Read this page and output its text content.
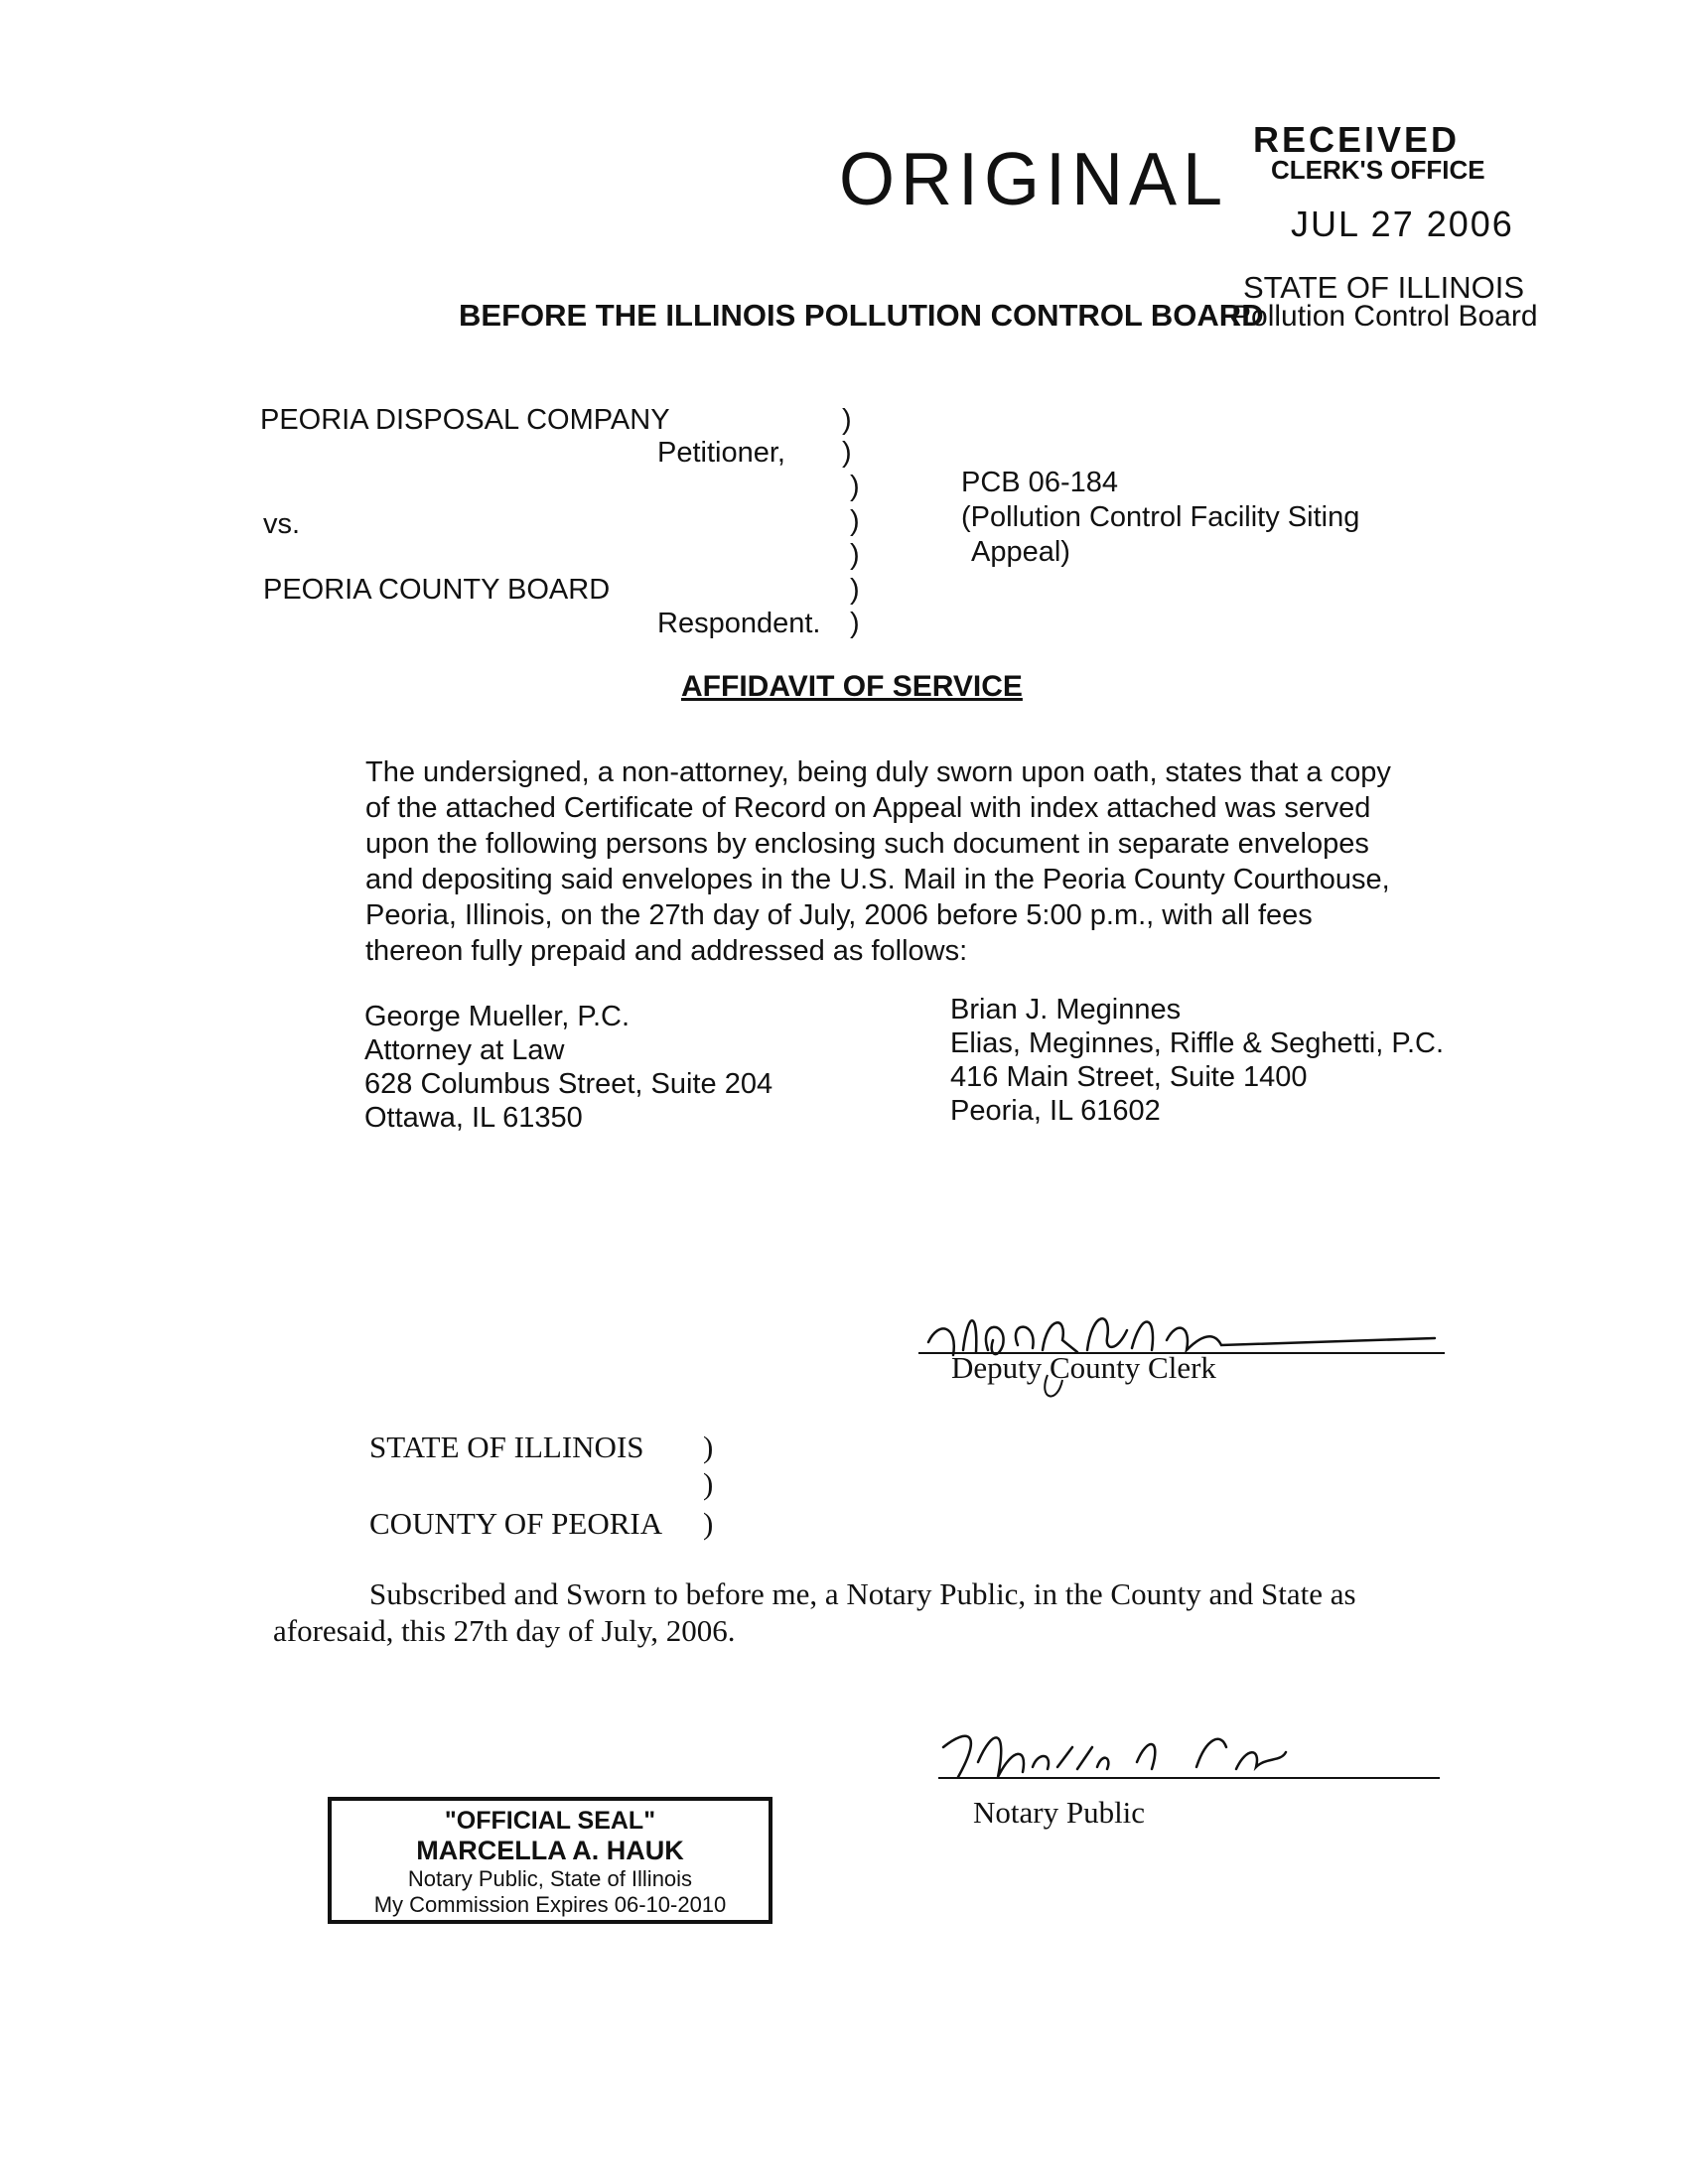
ORIGINAL RECEIVED
CLERK'S OFFICE
JUL 27 2006
STATE OF ILLINOIS
Pollution Control Board
BEFORE THE ILLINOIS POLLUTION CONTROL BOARD
PEORIA DISPOSAL COMPANY
Petitioner,
vs.
PEORIA COUNTY BOARD
Respondent.
)
)
)
)
)
)
)
PCB 06-184
(Pollution Control Facility Siting
Appeal)
AFFIDAVIT OF SERVICE

The undersigned, a non-attorney, being duly sworn upon oath, states that a copy

of the attached Certificate of Record on Appeal with index attached was served

upon the following persons by enclosing such document in separate envelopes

and depositing said envelopes in the U.S. Mail in the Peoria County Courthouse,

Peoria, Illinois, on the 27th day of July, 2006 before 5:00 p.m., with all fees

thereon fully prepaid and addressed as follows:

George Mueller, P.C.
Attorney at Law
628 Columbus Street, Suite 204
Ottawa, IL 61350
Brian J. Meginnes
Elias, Meginnes, Riffle & Seghetti, P.C.
416 Main Street, Suite 1400
Peoria, IL 61602
Deputy County Clerk
STATE OF ILLINOIS )
)
COUNTY OF PEORIA )
Subscribed and Sworn to before me, a Notary Public, in the County and State as
aforesaid, this 27th day of July, 2006.
Notary Public
"OFFICIAL SEAL"
MARCELLA A. HAUK
Notary Public, State of Illinois
My Commission Expires 06-10-2010
